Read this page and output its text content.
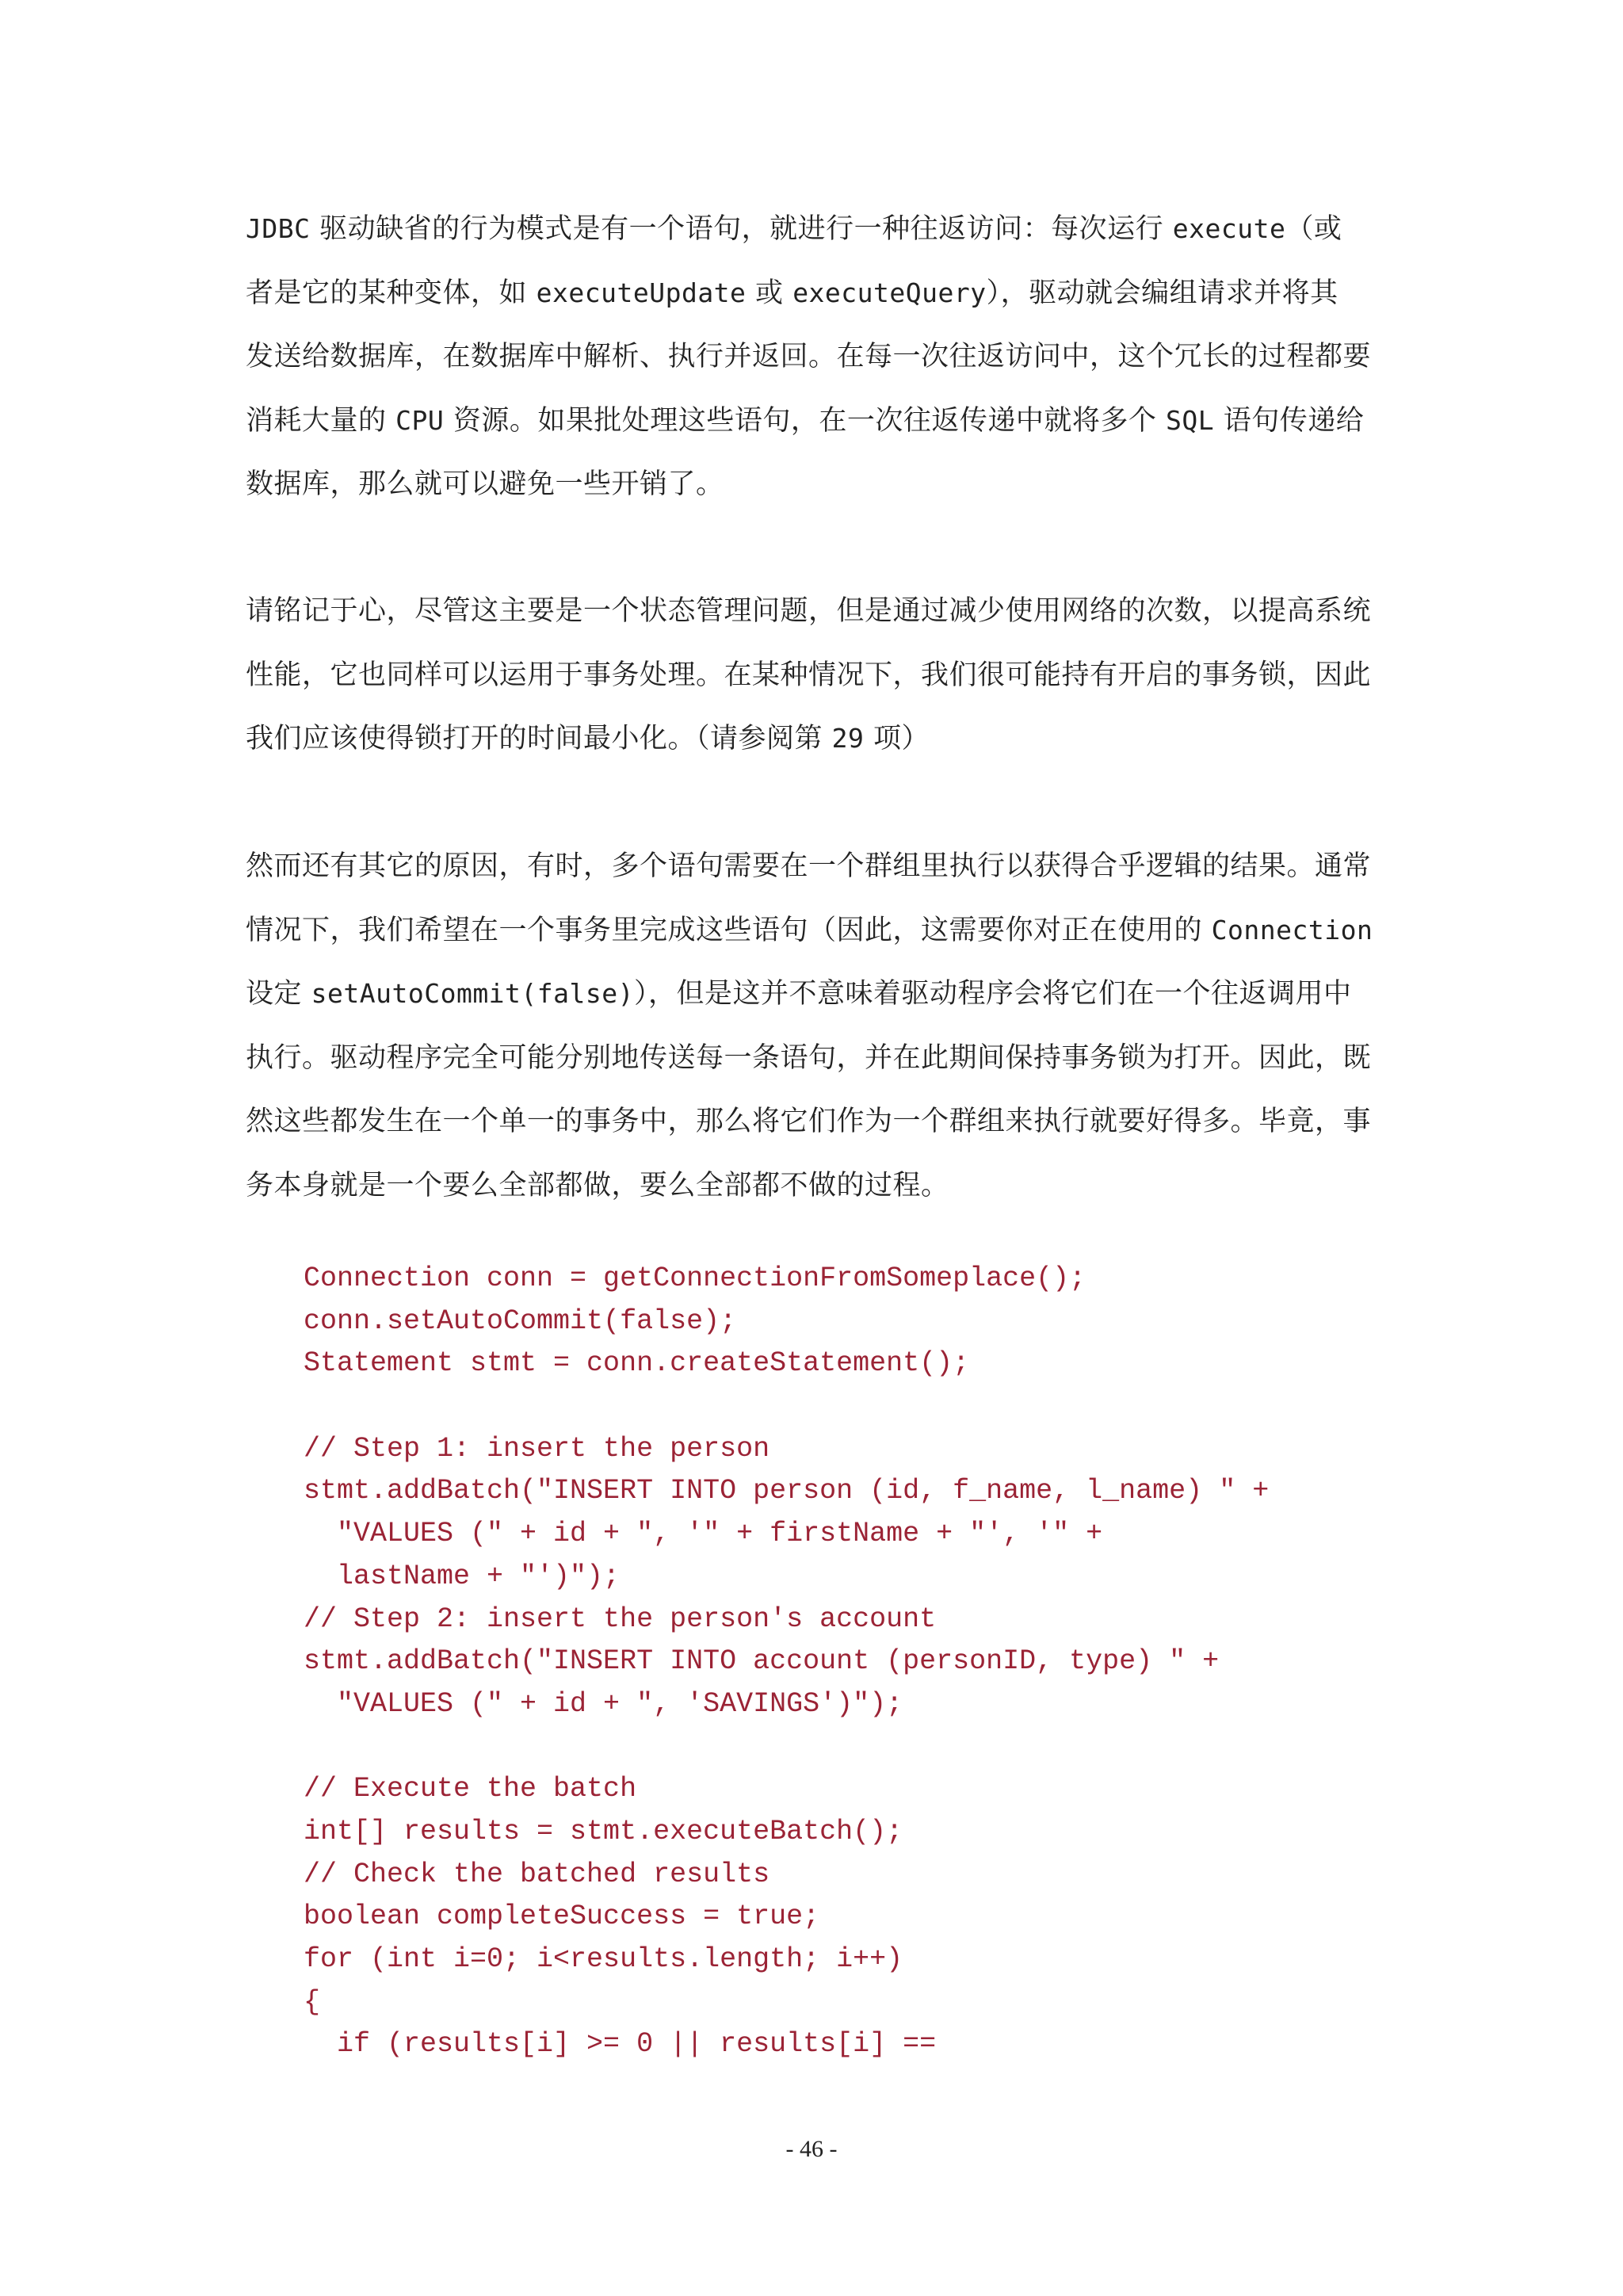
JDBC 驱动缺省的行为模式是有一个语句，就进行一种往返访问：每次运行 execute（或
者是它的某种变体，如 executeUpdate 或 executeQuery），驱动就会编组请求并将其
发送给数据库，在数据库中解析、执行并返回。在每一次往返访问中，这个冗长的过程都要
消耗大量的 CPU 资源。如果批处理这些语句，在一次往返传递中就将多个 SQL 语句传递给
数据库，那么就可以避免一些开销了。
请铭记于心，尽管这主要是一个状态管理问题，但是通过减少使用网络的次数，以提高系统
性能，它也同样可以运用于事务处理。在某种情况下，我们很可能持有开启的事务锁，因此
我们应该使得锁打开的时间最小化。（请参阅第 29 项）
然而还有其它的原因，有时，多个语句需要在一个群组里执行以获得合乎逻辑的结果。通常
情况下，我们希望在一个事务里完成这些语句（因此，这需要你对正在使用的 Connection
设定 setAutoCommit(false)），但是这并不意味着驱动程序会将它们在一个往返调用中
执行。驱动程序完全可能分别地传送每一条语句，并在此期间保持事务锁为打开。因此，既
然这些都发生在一个单一的事务中，那么将它们作为一个群组来执行就要好得多。毕竟，事
务本身就是一个要么全部都做，要么全部都不做的过程。
Connection conn = getConnectionFromSomeplace();
conn.setAutoCommit(false);
Statement stmt = conn.createStatement();
// Step 1: insert the person
stmt.addBatch("INSERT INTO person (id, f_name, l_name) " +
"VALUES (" + id + ", '" + firstName + "', '" +
lastName + "')");
// Step 2: insert the person's account
stmt.addBatch("INSERT INTO account (personID, type) " +
"VALUES (" + id + ", 'SAVINGS')");
// Execute the batch
int[] results = stmt.executeBatch();
// Check the batched results
boolean completeSuccess = true;
for (int i=0; i<results.length; i++)
{
if (results[i] >= 0 || results[i] ==
- 46 -
